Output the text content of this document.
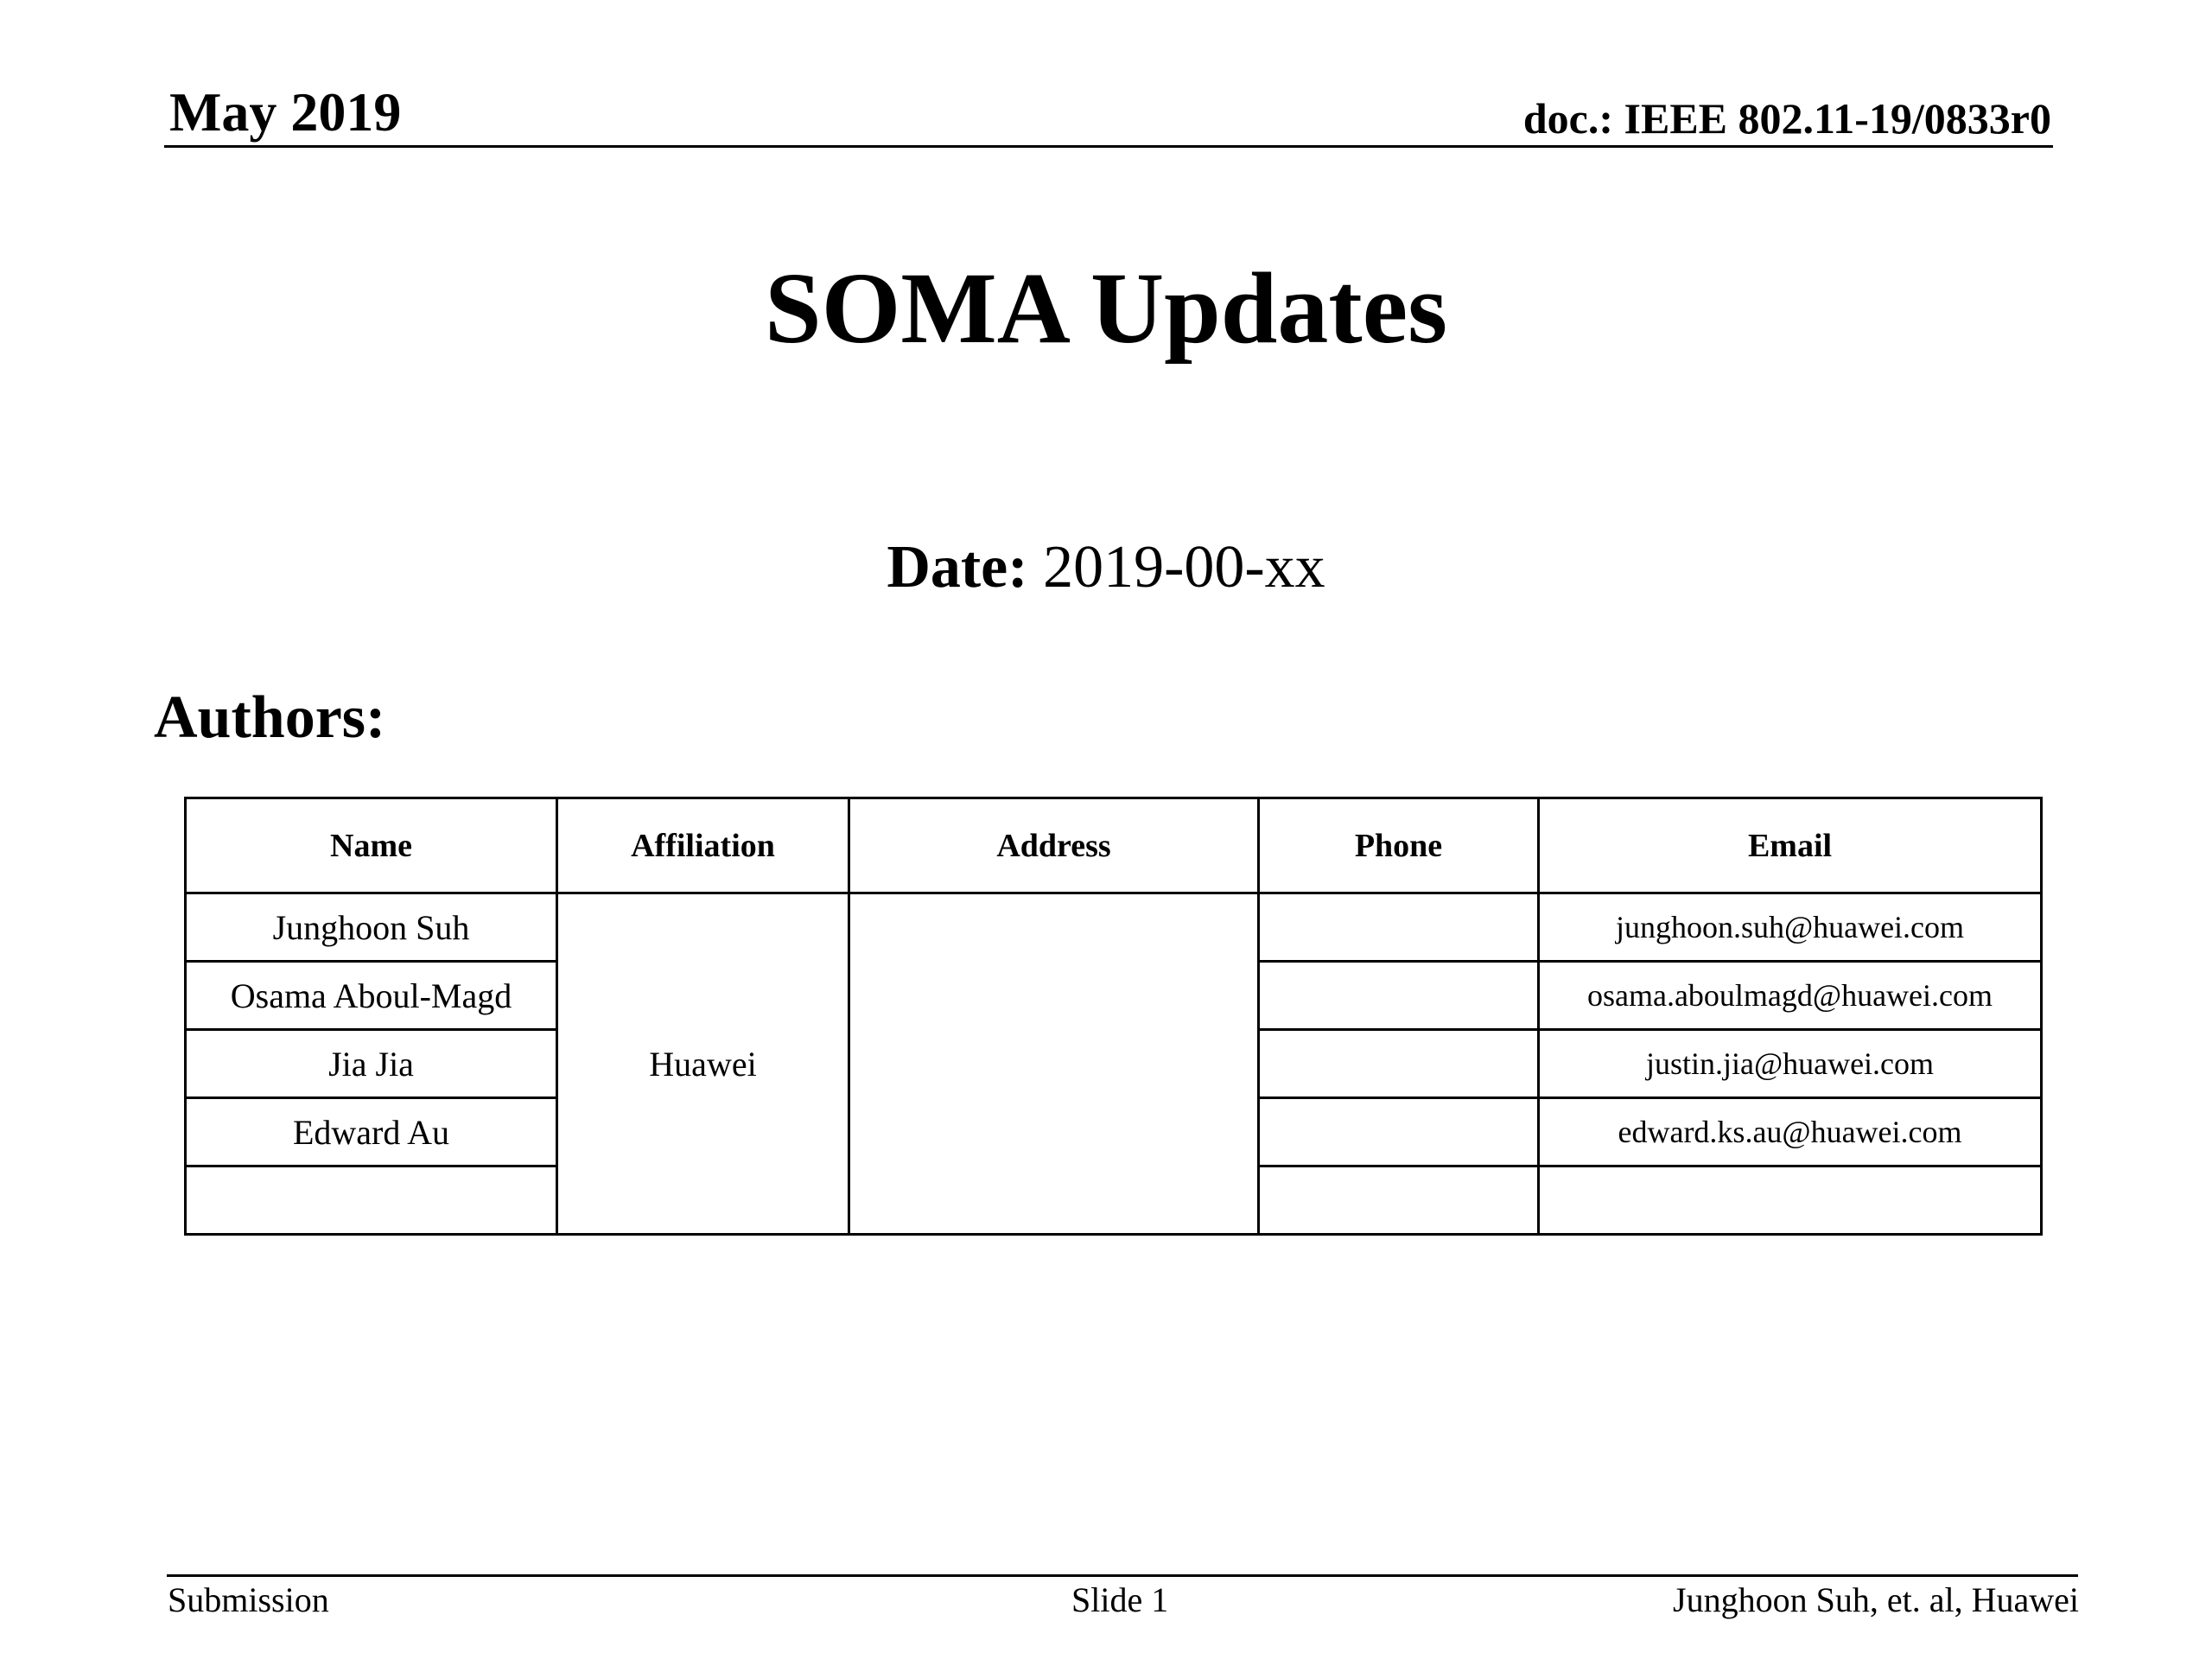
May 2019	doc.: IEEE 802.11-19/0833r0
SOMA Updates
Date: 2019-00-xx
Authors:
Name	Affiliation	Address	Phone	Email
Junghoon Suh	Huawei			junghoon.suh@huawei.com
Osama Aboul-Magd				osama.aboulmagd@huawei.com
Jia Jia				justin.jia@huawei.com
Edward Au				edward.ks.au@huawei.com

Submission	Slide 1	Junghoon Suh, et. al, Huawei
